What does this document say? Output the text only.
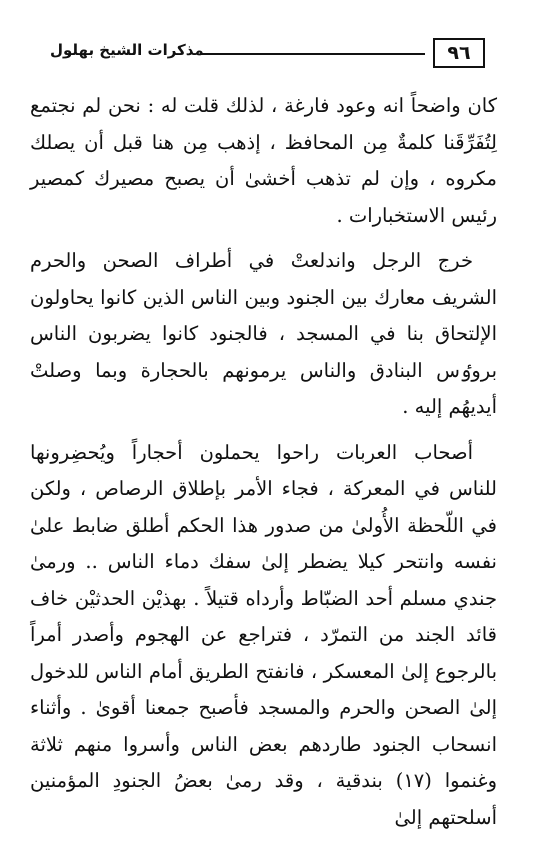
٩٦
مذكرات الشيخ بهلول

كان واضحاً انه وعود فارغة ، لذلك قلت له : نحن لم نجتمع لِتُفَرِّقَنا كلمةٌ مِن المحافظ ، إذهب مِن هنا قبل أن يصلك مكروه ، وإن لم تذهب أخشىٰ أن يصبح مصيرك كمصير رئيس الاستخبارات .

خرج الرجل واندلعتْ في أطراف الصحن والحرم الشريف معارك بين الجنود وبين الناس الذين كانوا يحاولون الإلتحاق بنا في المسجد ، فالجنود كانوا يضربون الناس بروٶس البنادق والناس يرمونهم بالحجارة وبما وصلتْ أيديهُم إليه .

أصحاب العربات راحوا يحملون أحجاراً ويُحضِرونها للناس في المعركة ، فجاء الأمر بإطلاق الرصاص ، ولكن في اللّحظة الأُولىٰ من صدور هذا الحكم أطلق ضابط علىٰ نفسه وانتحر كيلا يضطر إلىٰ سفك دماء الناس .. ورمىٰ جندي مسلم أحد الضبّاط وأرداه قتيلاً . بهذيْن الحدثيْن خاف قائد الجند من التمرّد ، فتراجع عن الهجوم وأصدر أمراً بالرجوع إلىٰ المعسكر ، فانفتح الطريق أمام الناس للدخول إلىٰ الصحن والحرم والمسجد فأصبح جمعنا أقوىٰ . وأثناء انسحاب الجنود طاردهم بعض الناس وأسروا منهم ثلاثة وغنموا (١٧) بندقية ، وقد رمىٰ بعضُ الجنودِ المؤمنين أسلحتهم إلىٰ
